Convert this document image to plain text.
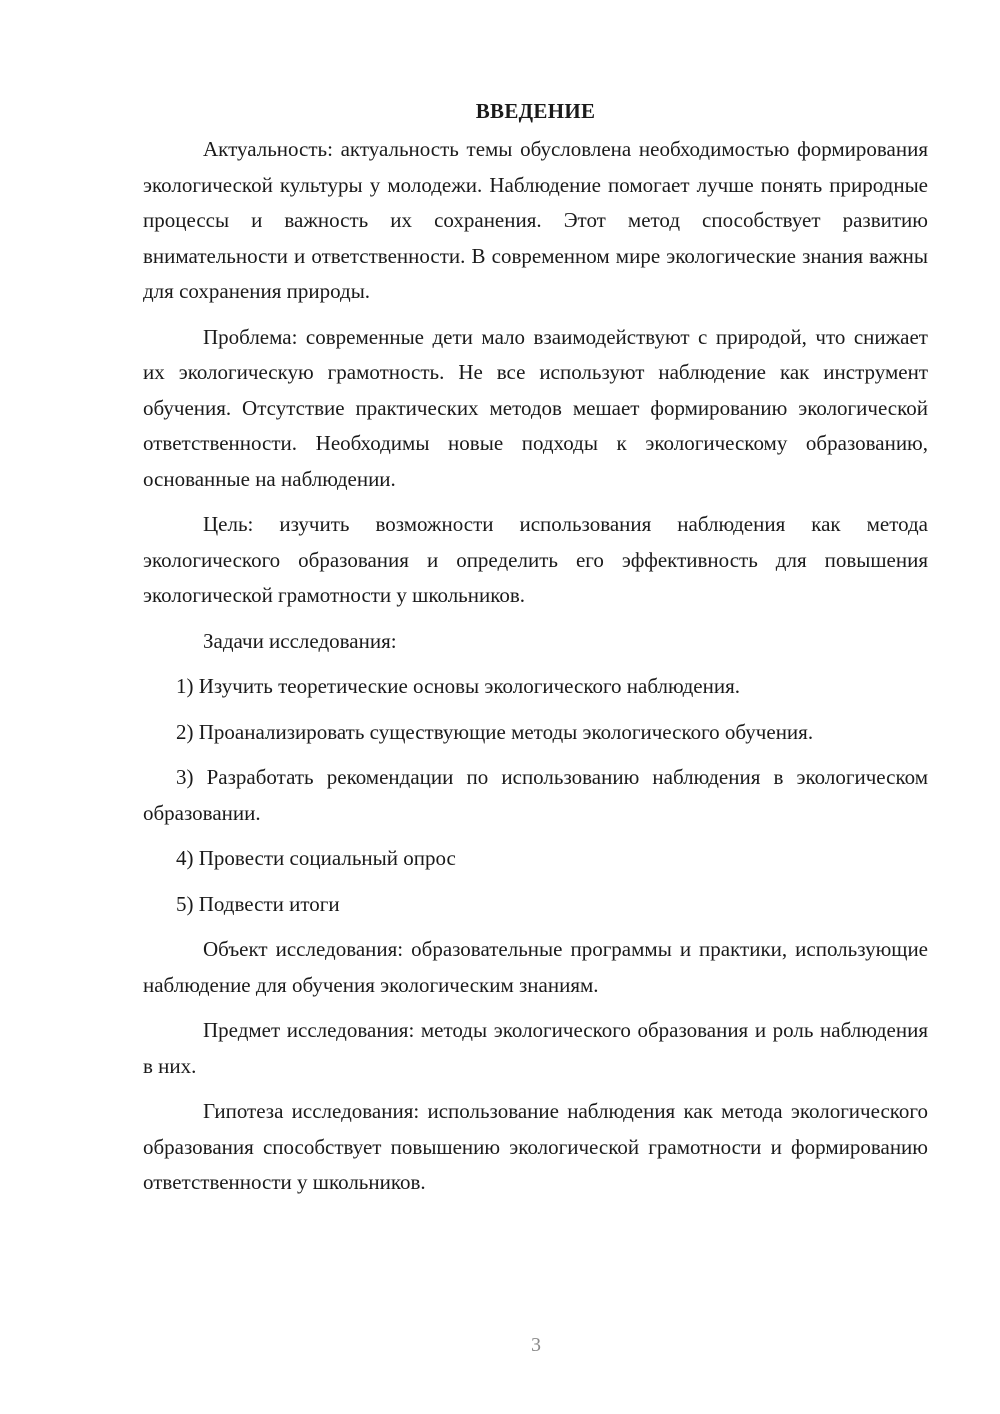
ВВЕДЕНИЕ

Актуальность: актуальность темы обусловлена необходимостью формирования экологической культуры у молодежи. Наблюдение помогает лучше понять природные процессы и важность их сохранения. Этот метод способствует развитию внимательности и ответственности. В современном мире экологические знания важны для сохранения природы.

Проблема: современные дети мало взаимодействуют с природой, что снижает их экологическую грамотность. Не все используют наблюдение как инструмент обучения. Отсутствие практических методов мешает формированию экологической ответственности. Необходимы новые подходы к экологическому образованию, основанные на наблюдении.

Цель: изучить возможности использования наблюдения как метода экологического образования и определить его эффективность для повышения экологической грамотности у школьников.

Задачи исследования:

1) Изучить теоретические основы экологического наблюдения.

2) Проанализировать существующие методы экологического обучения.

3) Разработать рекомендации по использованию наблюдения в экологическом образовании.

4) Провести социальный опрос

5) Подвести итоги

Объект исследования: образовательные программы и практики, использующие наблюдение для обучения экологическим знаниям.

Предмет исследования: методы экологического образования и роль наблюдения в них.

Гипотеза исследования: использование наблюдения как метода экологического образования способствует повышению экологической грамотности и формированию ответственности у школьников.

3
